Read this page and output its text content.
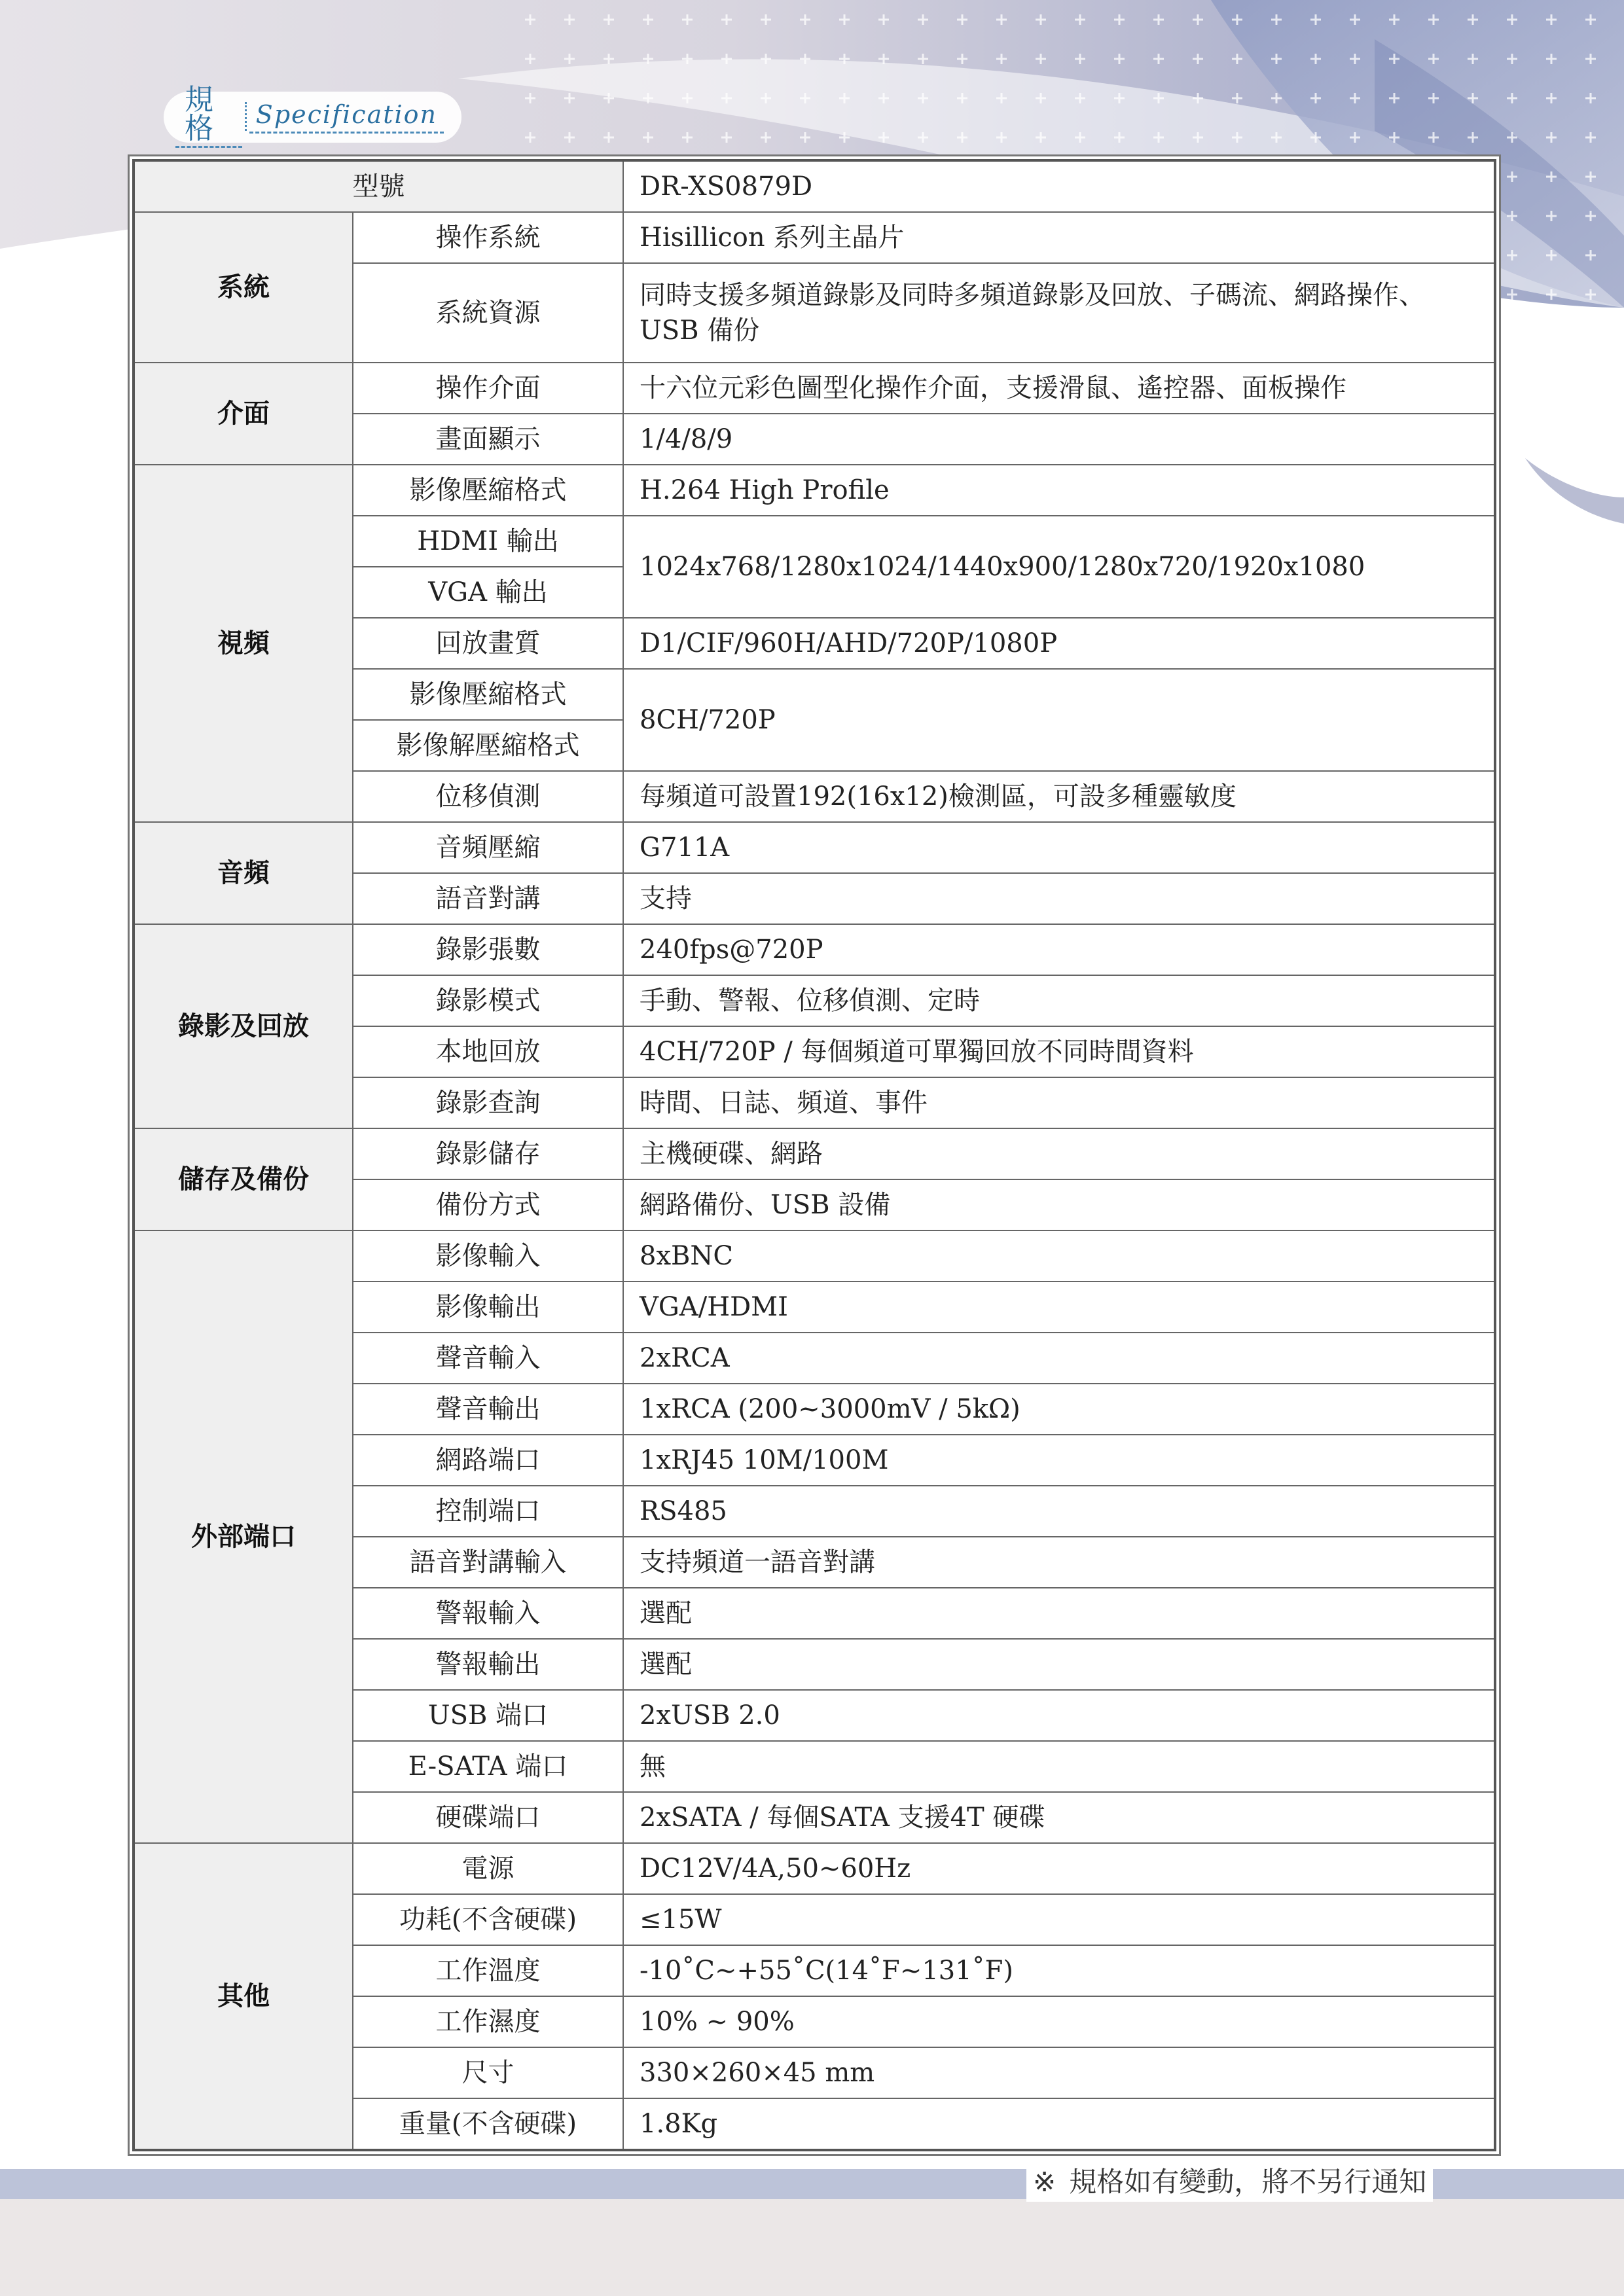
規格	Specification
型號		DR-XS0879D
系統	操作系統	Hisillicon 系列主晶片
	系統資源	同時支援多頻道錄影及同時多頻道錄影及回放、子碼流、網路操作、USB 備份
介面	操作介面	十六位元彩色圖型化操作介面，支援滑鼠、遙控器、面板操作
	畫面顯示	1/4/8/9
視頻	影像壓縮格式	H.264 High Profile
	HDMI 輸出	1024x768/1280x1024/1440x900/1280x720/1920x1080
	VGA 輸出	
	回放畫質	D1/CIF/960H/AHD/720P/1080P
	影像壓縮格式	8CH/720P
	影像解壓縮格式	
	位移偵測	每頻道可設置192(16x12)檢測區，可設多種靈敏度
音頻	音頻壓縮	G711A
	語音對講	支持
錄影及回放	錄影張數	240fps@720P
	錄影模式	手動、警報、位移偵測、定時
	本地回放	4CH/720P / 每個頻道可單獨回放不同時間資料
	錄影查詢	時間、日誌、頻道、事件
儲存及備份	錄影儲存	主機硬碟、網路
	備份方式	網路備份、USB 設備
外部端口	影像輸入	8xBNC
	影像輸出	VGA/HDMI
	聲音輸入	2xRCA
	聲音輸出	1xRCA (200~3000mV / 5kΩ)
	網路端口	1xRJ45 10M/100M
	控制端口	RS485
	語音對講輸入	支持頻道一語音對講
	警報輸入	選配
	警報輸出	選配
	USB 端口	2xUSB 2.0
	E-SATA 端口	無
	硬碟端口	2xSATA / 每個SATA 支援4T 硬碟
其他	電源	DC12V/4A,50~60Hz
	功耗(不含硬碟)	≤15W
	工作溫度	-10˚C~+55˚C(14˚F~131˚F)
	工作濕度	10% ~ 90%
	尺寸	330×260×45 mm
	重量(不含硬碟)	1.8Kg
※ 規格如有變動，將不另行通知
